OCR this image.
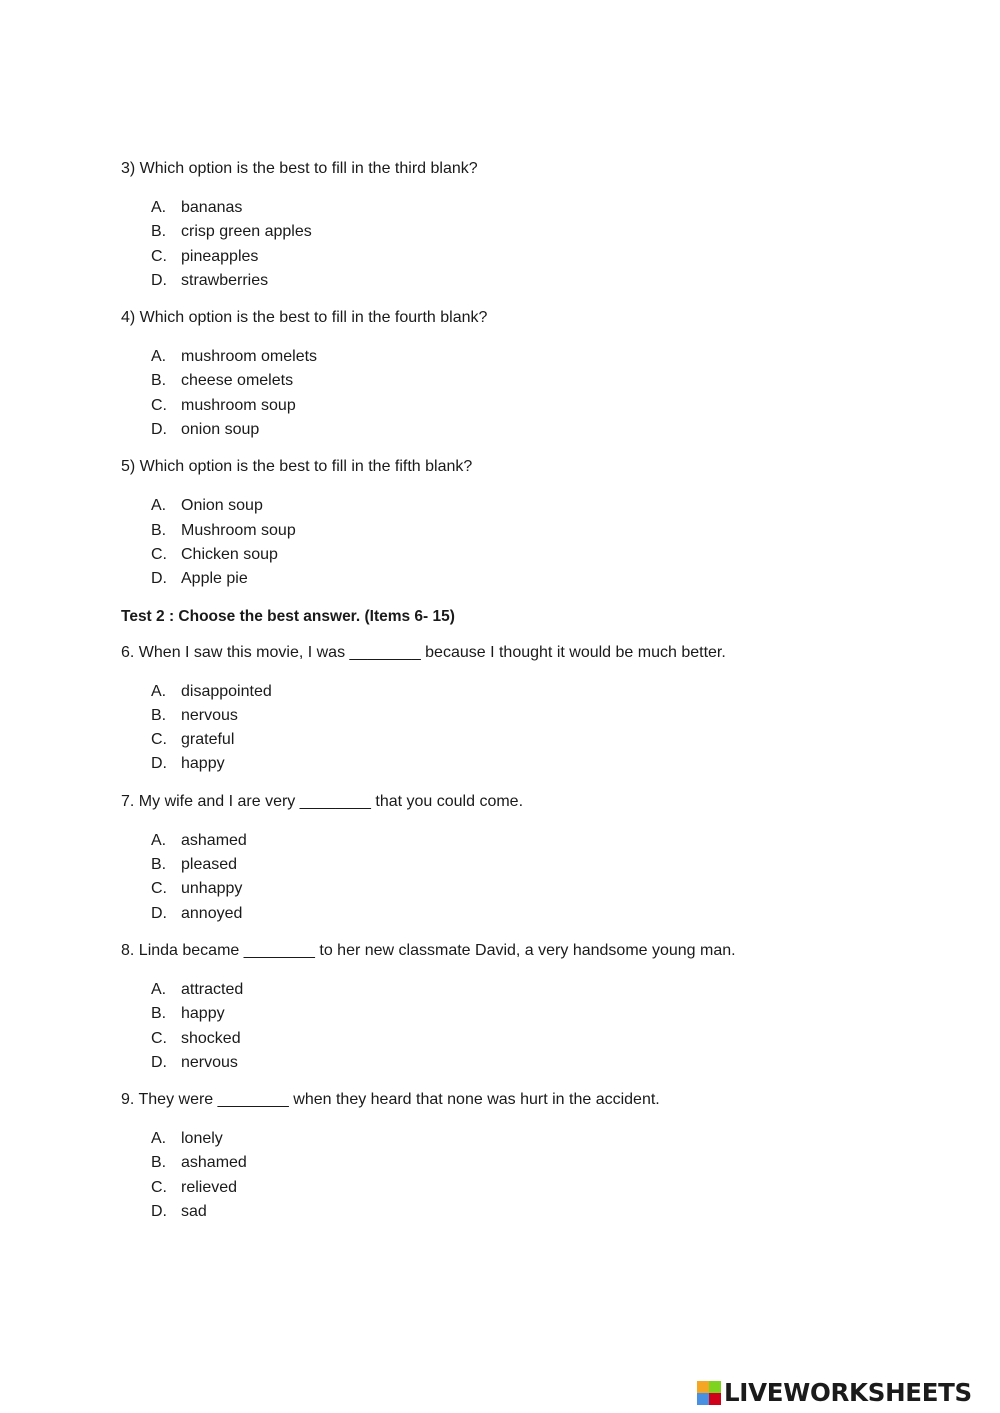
3) Which option is the best to fill in the third blank?

A. bananas
B. crisp green apples
C. pineapples
D. strawberries

4) Which option is the best to fill in the fourth blank?

A. mushroom omelets
B. cheese omelets
C. mushroom soup
D. onion soup

5) Which option is the best to fill in the fifth blank?

A. Onion soup
B. Mushroom soup
C. Chicken soup
D. Apple pie

Test 2 : Choose the best answer. (Items 6- 15)

6. When I saw this movie, I was ________ because I thought it would be much better.

A. disappointed
B. nervous
C. grateful
D. happy

7. My wife and I are very ________ that you could come.

A. ashamed
B. pleased
C. unhappy
D. annoyed

8. Linda became ________ to her new classmate David, a very handsome young man.

A. attracted
B. happy
C. shocked
D. nervous

9. They were ________ when they heard that none was hurt in the accident.

A. lonely
B. ashamed
C. relieved
D. sad
LIVEWORKSHEETS
